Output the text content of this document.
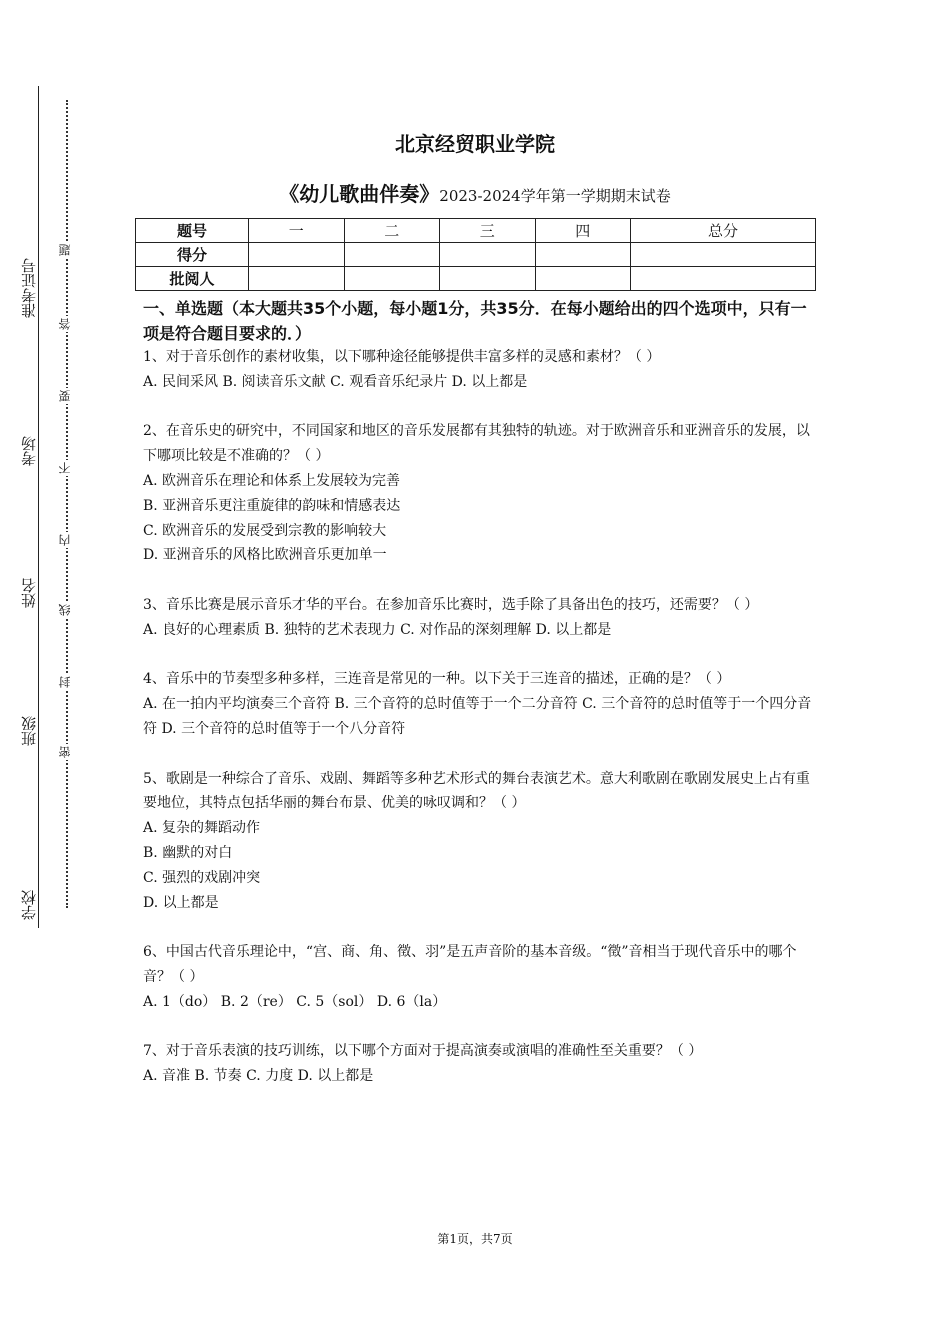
准考证号
考场
姓名
班级
学校
题
答
要
不
内
线
封
密
北京经贸职业学院
《幼儿歌曲伴奏》2023-2024学年第一学期期末试卷
题号	一	二	三	四	总分
得分					
批阅人					
一、单选题（本大题共35个小题，每小题1分，共35分．在每小题给出的四个选项中，只有一项是符合题目要求的．）

1、对于音乐创作的素材收集，以下哪种途径能够提供丰富多样的灵感和素材？（ ）

A. 民间采风 B. 阅读音乐文献 C. 观看音乐纪录片 D. 以上都是

2、在音乐史的研究中，不同国家和地区的音乐发展都有其独特的轨迹。对于欧洲音乐和亚洲音乐的发展，以下哪项比较是不准确的？（ ）

A. 欧洲音乐在理论和体系上发展较为完善

B. 亚洲音乐更注重旋律的韵味和情感表达

C. 欧洲音乐的发展受到宗教的影响较大

D. 亚洲音乐的风格比欧洲音乐更加单一

3、音乐比赛是展示音乐才华的平台。在参加音乐比赛时，选手除了具备出色的技巧，还需要？（ ）

A. 良好的心理素质 B. 独特的艺术表现力 C. 对作品的深刻理解 D. 以上都是

4、音乐中的节奏型多种多样，三连音是常见的一种。以下关于三连音的描述，正确的是？（ ）

A. 在一拍内平均演奏三个音符 B. 三个音符的总时值等于一个二分音符 C. 三个音符的总时值等于一个四分音符 D. 三个音符的总时值等于一个八分音符

5、歌剧是一种综合了音乐、戏剧、舞蹈等多种艺术形式的舞台表演艺术。意大利歌剧在歌剧发展史上占有重要地位，其特点包括华丽的舞台布景、优美的咏叹调和？（ ）

A. 复杂的舞蹈动作

B. 幽默的对白

C. 强烈的戏剧冲突

D. 以上都是

6、中国古代音乐理论中，“宫、商、角、徵、羽”是五声音阶的基本音级。“徵”音相当于现代音乐中的哪个音？（ ）

A. 1（do） B. 2（re） C. 5（sol） D. 6（la）

7、对于音乐表演的技巧训练，以下哪个方面对于提高演奏或演唱的准确性至关重要？（ ）

A. 音准 B. 节奏 C. 力度 D. 以上都是

第1页，共7页
